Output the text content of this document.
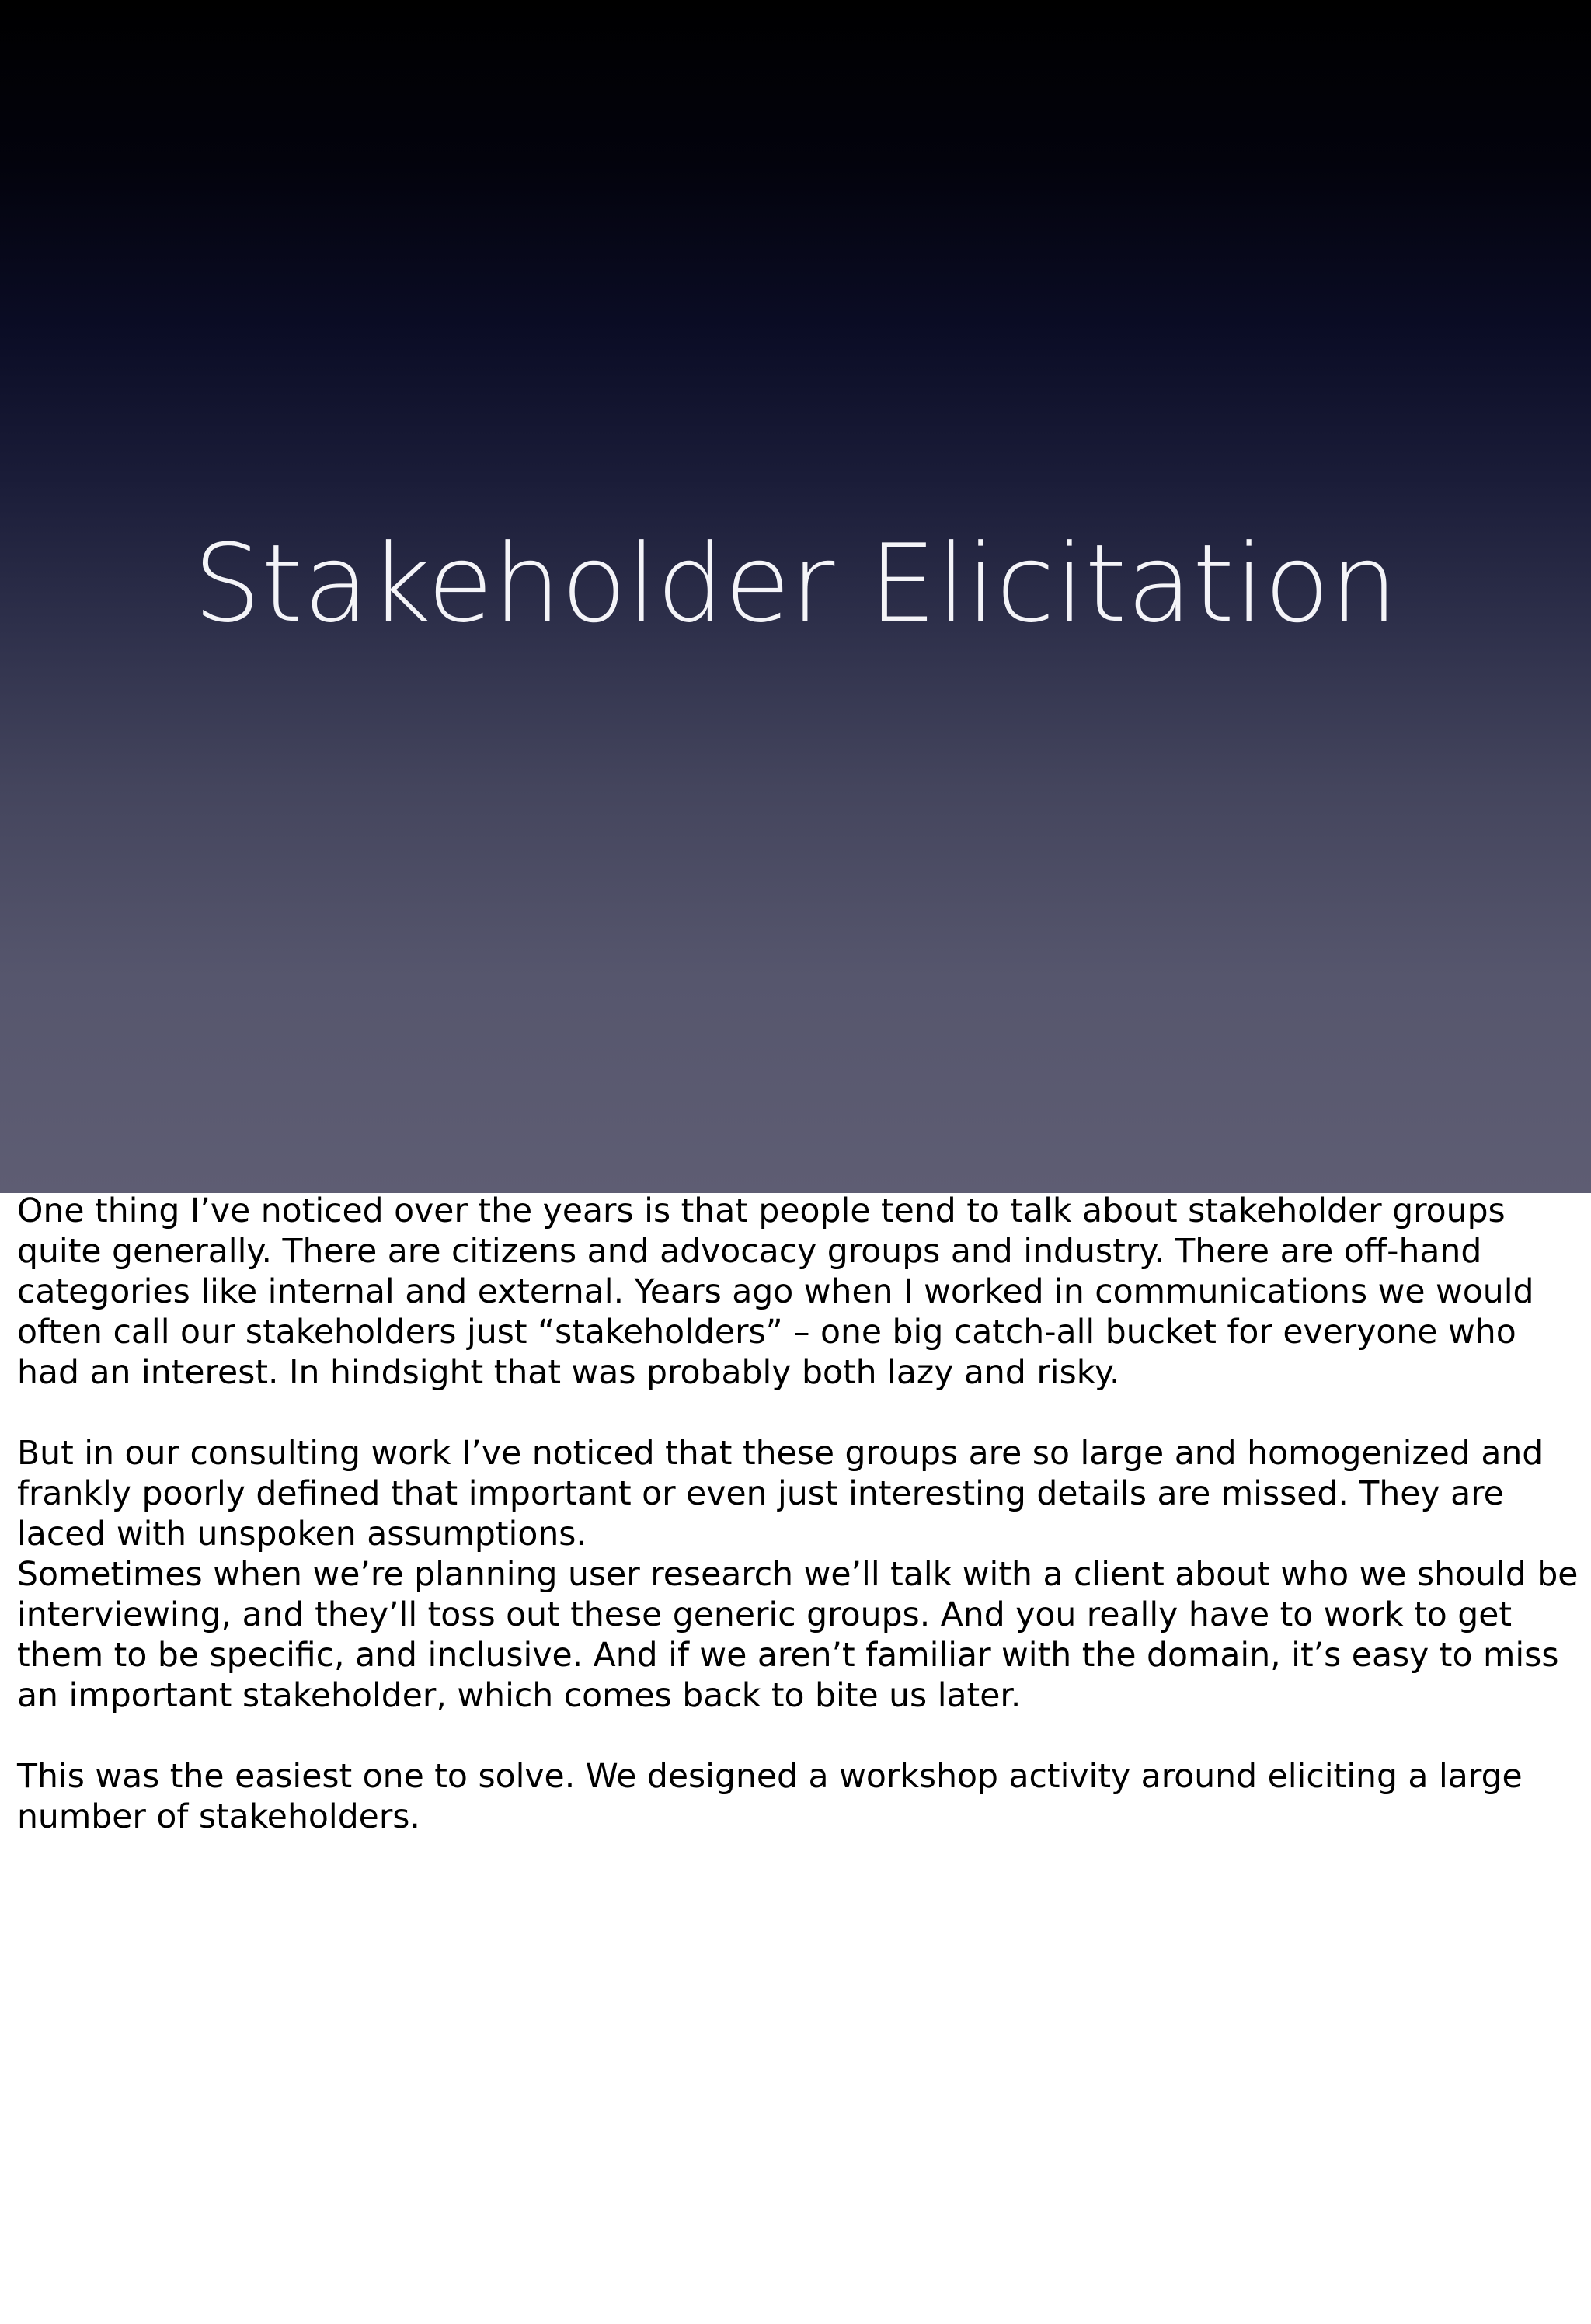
Stakeholder Elicitation

One thing I’ve noticed over the years is that people tend to talk about stakeholder groups

quite generally. There are citizens and advocacy groups and industry. There are off-hand

categories like internal and external. Years ago when I worked in communications we would

often call our stakeholders just “stakeholders” – one big catch-all bucket for everyone who

had an interest. In hindsight that was probably both lazy and risky.

But in our consulting work I’ve noticed that these groups are so large and homogenized and

frankly poorly defined that important or even just interesting details are missed. They are

laced with unspoken assumptions.

Sometimes when we’re planning user research we’ll talk with a client about who we should be

interviewing, and they’ll toss out these generic groups. And you really have to work to get

them to be specific, and inclusive. And if we aren’t familiar with the domain, it’s easy to miss

an important stakeholder, which comes back to bite us later.

This was the easiest one to solve. We designed a workshop activity around eliciting a large

number of stakeholders.
